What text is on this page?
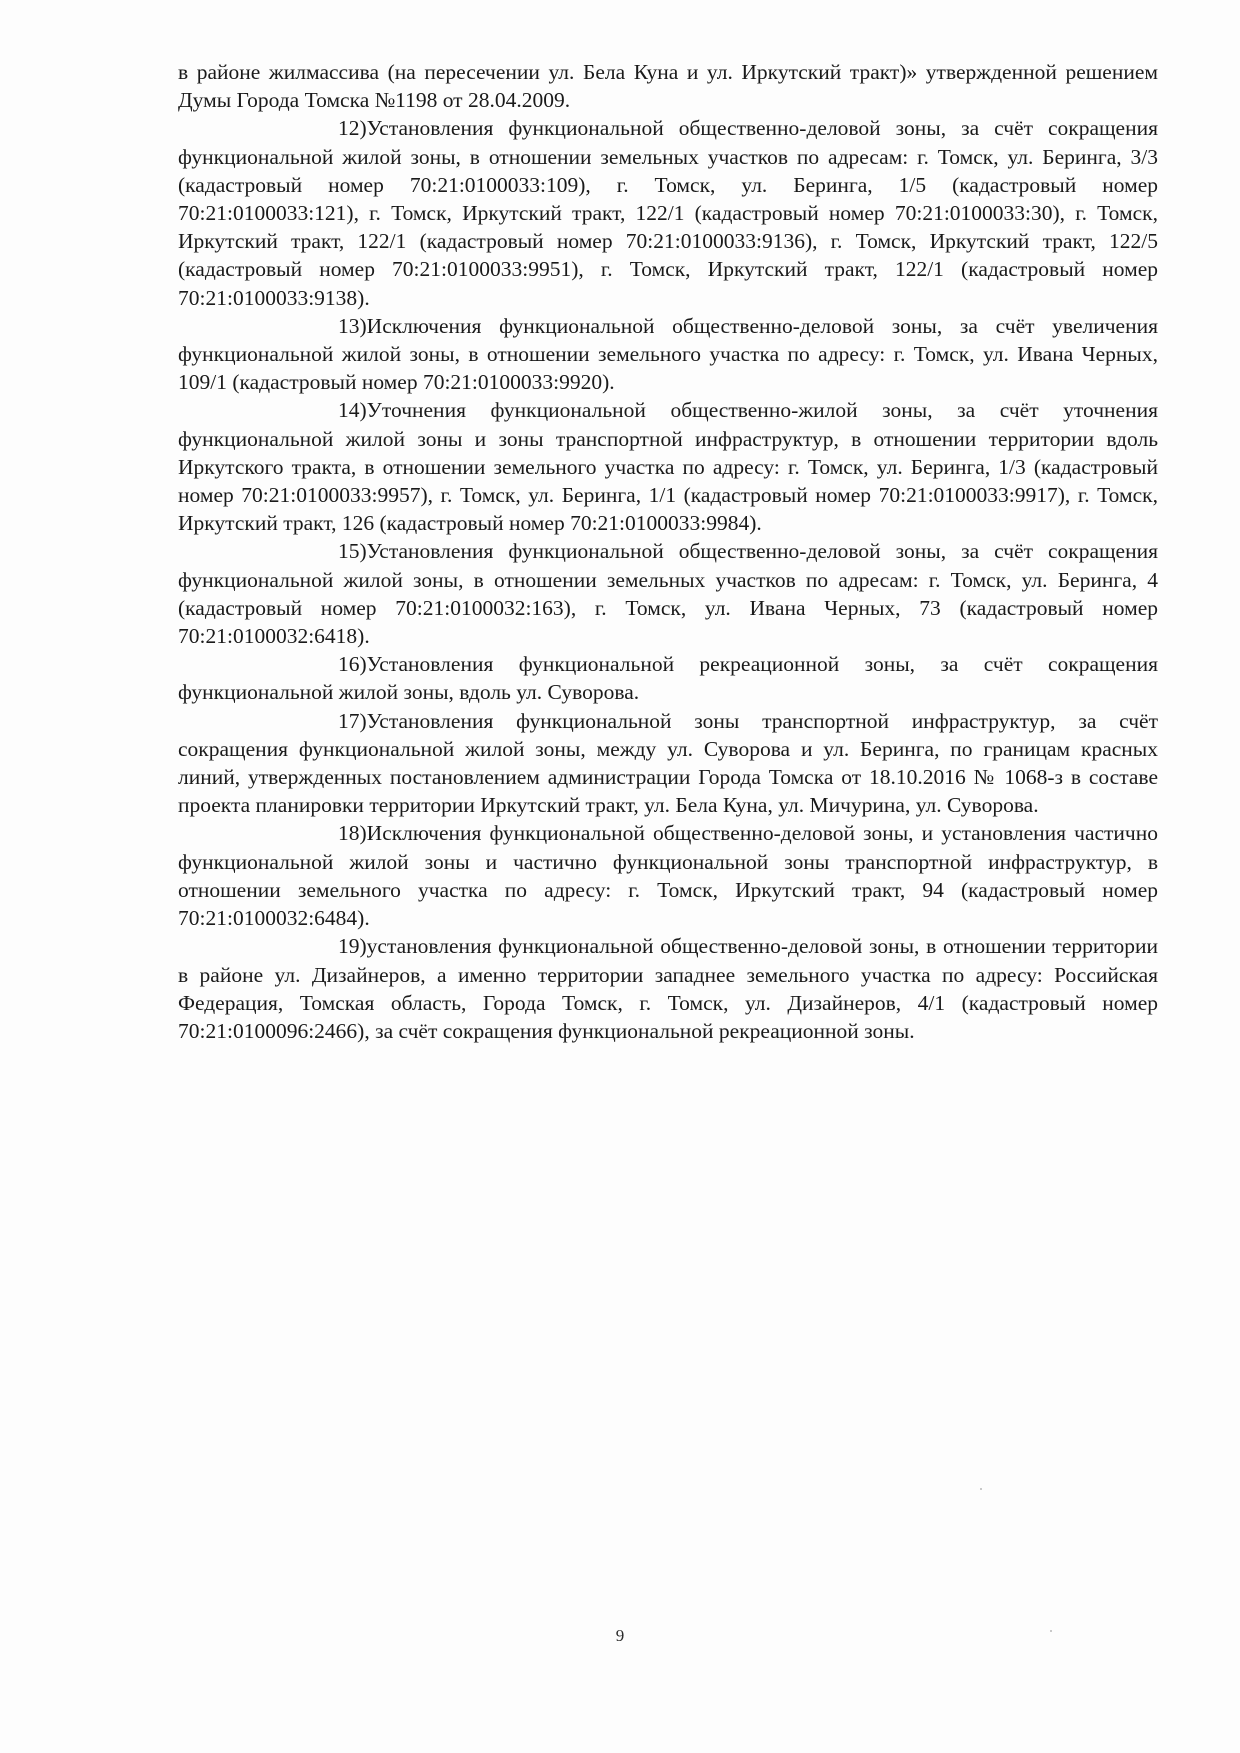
в районе жилмассива (на пересечении ул. Бела Куна и ул. Иркутский тракт)» утвержденной решением Думы Города Томска №1198 от 28.04.2009.

12)Установления функциональной общественно-деловой зоны, за счёт сокращения функциональной жилой зоны, в отношении земельных участков по адресам: г. Томск, ул. Беринга, 3/3 (кадастровый номер 70:21:0100033:109), г. Томск, ул. Беринга, 1/5 (кадастровый номер 70:21:0100033:121), г. Томск, Иркутский тракт, 122/1 (кадастровый номер 70:21:0100033:30), г. Томск, Иркутский тракт, 122/1 (кадастровый номер 70:21:0100033:9136), г. Томск, Иркутский тракт, 122/5 (кадастровый номер 70:21:0100033:9951), г. Томск, Иркутский тракт, 122/1 (кадастровый номер 70:21:0100033:9138).

13)Исключения функциональной общественно-деловой зоны, за счёт увеличения функциональной жилой зоны, в отношении земельного участка по адресу: г. Томск, ул. Ивана Черных, 109/1 (кадастровый номер 70:21:0100033:9920).

14)Уточнения функциональной общественно-жилой зоны, за счёт уточнения функциональной жилой зоны и зоны транспортной инфраструктур, в отношении территории вдоль Иркутского тракта, в отношении земельного участка по адресу: г. Томск, ул. Беринга, 1/3 (кадастровый номер 70:21:0100033:9957), г. Томск, ул. Беринга, 1/1 (кадастровый номер 70:21:0100033:9917), г. Томск, Иркутский тракт, 126 (кадастровый номер 70:21:0100033:9984).

15)Установления функциональной общественно-деловой зоны, за счёт сокращения функциональной жилой зоны, в отношении земельных участков по адресам: г. Томск, ул. Беринга, 4 (кадастровый номер 70:21:0100032:163), г. Томск, ул. Ивана Черных, 73 (кадастровый номер 70:21:0100032:6418).

16)Установления функциональной рекреационной зоны, за счёт сокращения функциональной жилой зоны, вдоль ул. Суворова.

17)Установления функциональной зоны транспортной инфраструктур, за счёт сокращения функциональной жилой зоны, между ул. Суворова и ул. Беринга, по границам красных линий, утвержденных постановлением администрации Города Томска от 18.10.2016 № 1068-з в составе проекта планировки территории Иркутский тракт, ул. Бела Куна, ул. Мичурина, ул. Суворова.

18)Исключения функциональной общественно-деловой зоны, и установления частично функциональной жилой зоны и частично функциональной зоны транспортной инфраструктур, в отношении земельного участка по адресу: г. Томск, Иркутский тракт, 94 (кадастровый номер 70:21:0100032:6484).

19)установления функциональной общественно-деловой зоны, в отношении территории в районе ул. Дизайнеров, а именно территории западнее земельного участка по адресу: Российская Федерация, Томская область, Города Томск, г. Томск, ул. Дизайнеров, 4/1 (кадастровый номер 70:21:0100096:2466), за счёт сокращения функциональной рекреационной зоны.

9
